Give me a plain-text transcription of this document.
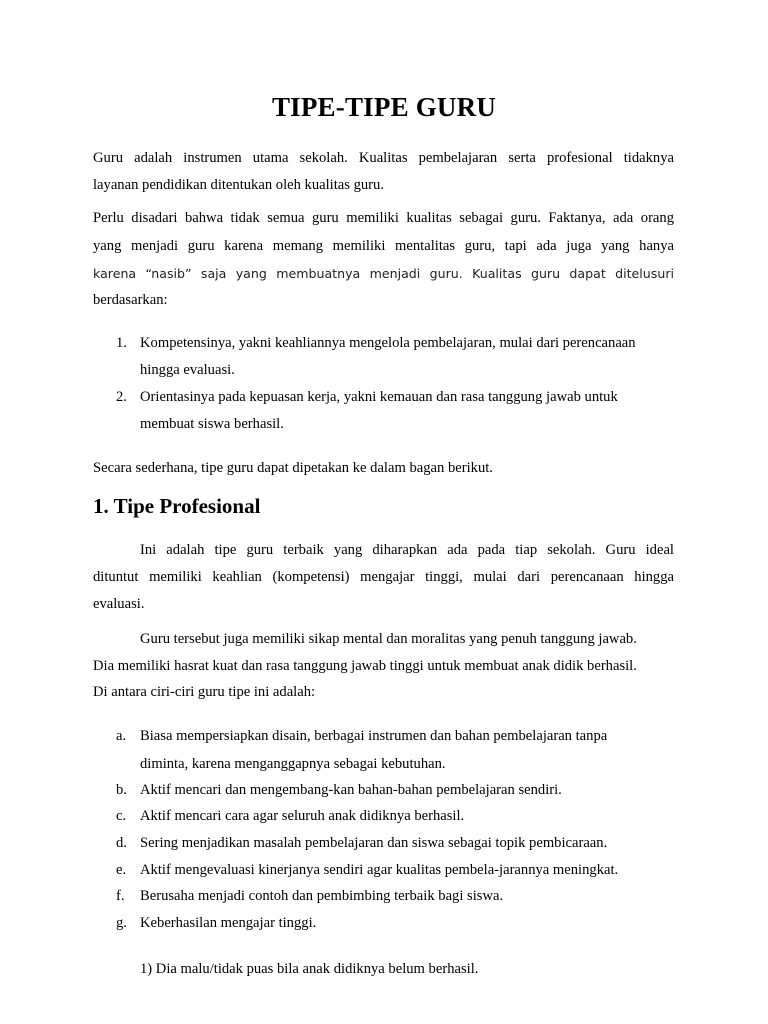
TIPE-TIPE GURU
Guru adalah instrumen utama sekolah. Kualitas pembelajaran serta profesional tidaknya
layanan pendidikan ditentukan oleh kualitas guru.
Perlu disadari bahwa tidak semua guru memiliki kualitas sebagai guru. Faktanya, ada orang
yang menjadi guru karena memang memiliki mentalitas guru, tapi ada juga yang hanya
karena “nasib” saja yang membuatnya menjadi guru. Kualitas guru dapat ditelusuri
berdasarkan:
1. Kompetensinya, yakni keahliannya mengelola pembelajaran, mulai dari perencanaan
hingga evaluasi.
2. Orientasinya pada kepuasan kerja, yakni kemauan dan rasa tanggung jawab untuk
membuat siswa berhasil.
Secara sederhana, tipe guru dapat dipetakan ke dalam bagan berikut.
1. Tipe Profesional
Ini adalah tipe guru terbaik yang diharapkan ada pada tiap sekolah. Guru ideal
dituntut memiliki keahlian (kompetensi) mengajar tinggi, mulai dari perencanaan hingga
evaluasi.
Guru tersebut juga memiliki sikap mental dan moralitas yang penuh tanggung jawab.
Dia memiliki hasrat kuat dan rasa tanggung jawab tinggi untuk membuat anak didik berhasil.
Di antara ciri-ciri guru tipe ini adalah:
a. Biasa mempersiapkan disain, berbagai instrumen dan bahan pembelajaran tanpa
diminta, karena menganggapnya sebagai kebutuhan.
b. Aktif mencari dan mengembang-kan bahan-bahan pembelajaran sendiri.
c. Aktif mencari cara agar seluruh anak didiknya berhasil.
d. Sering menjadikan masalah pembelajaran dan siswa sebagai topik pembicaraan.
e. Aktif mengevaluasi kinerjanya sendiri agar kualitas pembela-jarannya meningkat.
f. Berusaha menjadi contoh dan pembimbing terbaik bagi siswa.
g. Keberhasilan mengajar tinggi.
1) Dia malu/tidak puas bila anak didiknya belum berhasil.
